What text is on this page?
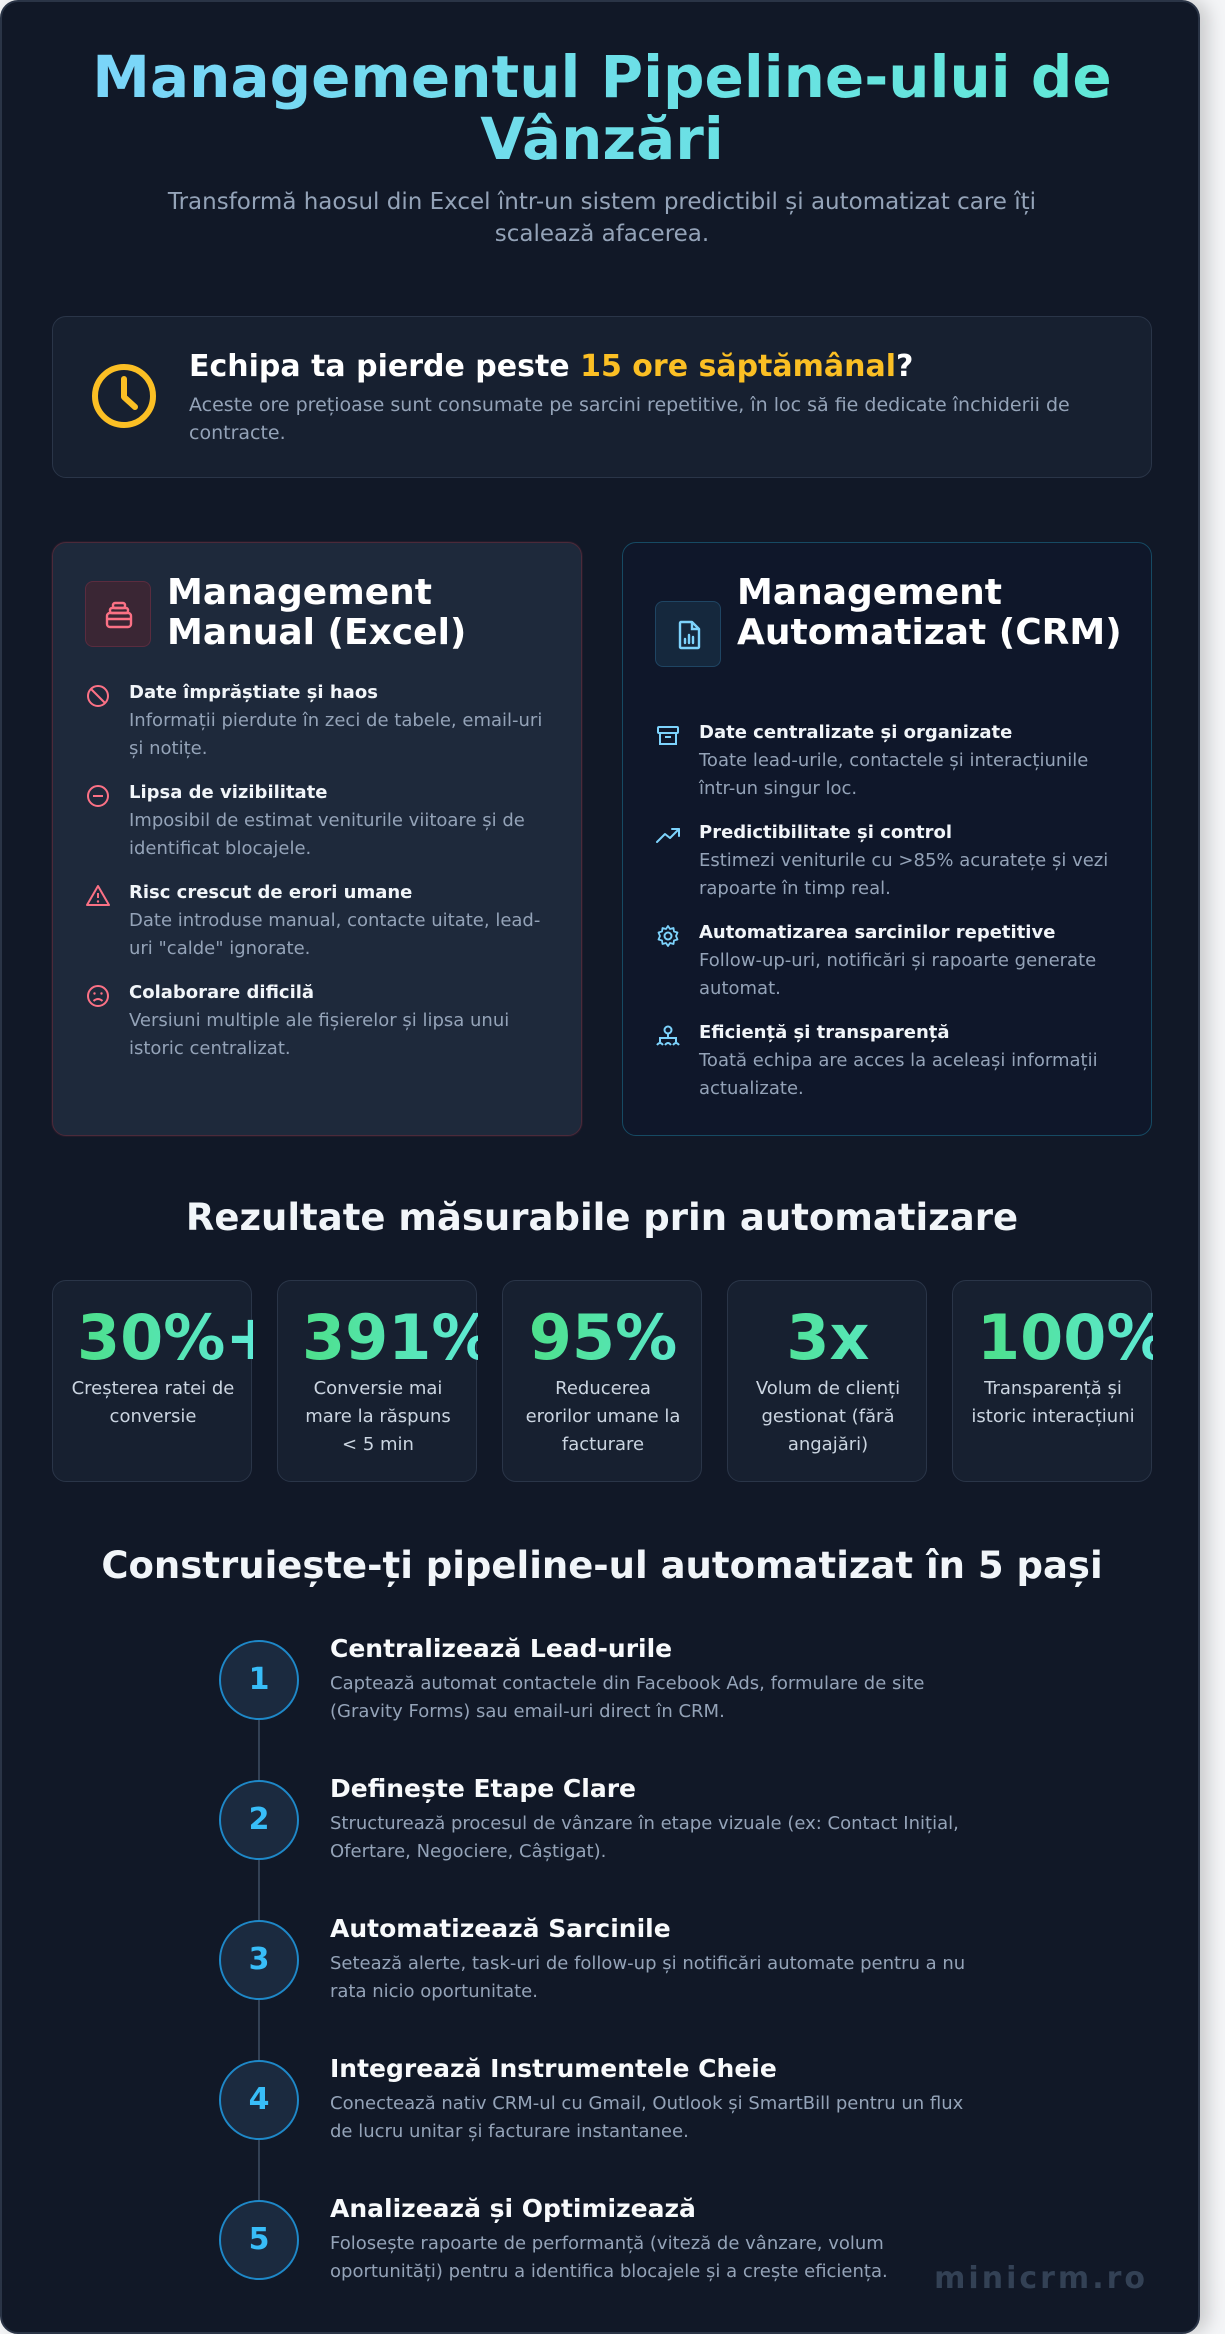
Managementul Pipeline-ului de Vânzări

Transformă haosul din Excel într-un sistem predictibil și automatizat care îți scalează afacerea.

Echipa ta pierde peste 15 ore săptămânal?

Aceste ore prețioase sunt consumate pe sarcini repetitive, în loc să fie dedicate închiderii de contracte.

Management Manual (Excel)
Date împrăștiate și haos
Informații pierdute în zeci de tabele, email-uri și notițe.
Lipsa de vizibilitate
Imposibil de estimat veniturile viitoare și de identificat blocajele.
Risc crescut de erori umane
Date introduse manual, contacte uitate, lead-uri "calde" ignorate.
Colaborare dificilă
Versiuni multiple ale fișierelor și lipsa unui istoric centralizat.
Management Automatizat (CRM)
Date centralizate și organizate
Toate lead-urile, contactele și interacțiunile într-un singur loc.
Predictibilitate și control
Estimezi veniturile cu >85% acuratețe și vezi rapoarte în timp real.
Automatizarea sarcinilor repetitive
Follow-up-uri, notificări și rapoarte generate automat.
Eficiență și transparență
Toată echipa are acces la aceleași informații actualizate.
Rezultate măsurabile prin automatizare
30%+
Creșterea ratei de conversie
391%
Conversie mai mare la răspuns < 5 min
95%
Reducerea erorilor umane la facturare
3x
Volum de clienți gestionat (fără angajări)
100%
Transparență și istoric interacțiuni
Construiește-ți pipeline-ul automatizat în 5 pași
1
Centralizează Lead-urile
Captează automat contactele din Facebook Ads, formulare de site (Gravity Forms) sau email-uri direct în CRM.
2
Definește Etape Clare
Structurează procesul de vânzare în etape vizuale (ex: Contact Inițial, Ofertare, Negociere, Câștigat).
3
Automatizează Sarcinile
Setează alerte, task-uri de follow-up și notificări automate pentru a nu rata nicio oportunitate.
4
Integrează Instrumentele Cheie
Conectează nativ CRM-ul cu Gmail, Outlook și SmartBill pentru un flux de lucru unitar și facturare instantanee.
5
Analizează și Optimizează
Folosește rapoarte de performanță (viteză de vânzare, volum oportunități) pentru a identifica blocajele și a crește eficiența.	minicrm.ro
